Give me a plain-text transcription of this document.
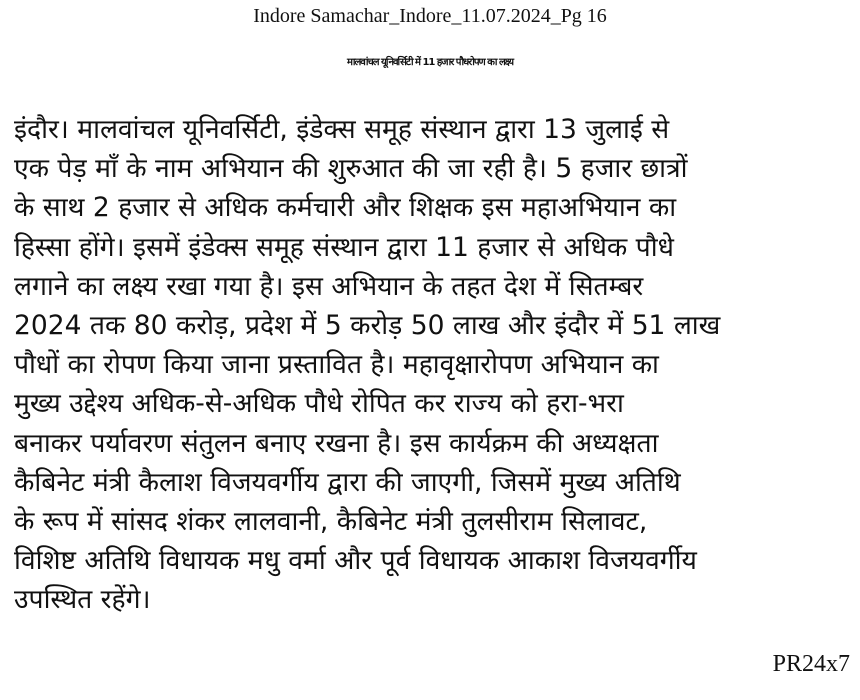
Indore Samachar_Indore_11.07.2024_Pg 16
मालवांचल यूनिवर्सिटी में 11 हजार पौधरोपण का लक्ष्य
इंदौर। मालवांचल यूनिवर्सिटी, इंडेक्स समूह संस्थान द्वारा 13 जुलाई से
एक पेड़ माँ के नाम अभियान की शुरुआत की जा रही है। 5 हजार छात्रों
के साथ 2 हजार से अधिक कर्मचारी और शिक्षक इस महाअभियान का
हिस्सा होंगे। इसमें इंडेक्स समूह संस्थान द्वारा 11 हजार से अधिक पौधे
लगाने का लक्ष्य रखा गया है। इस अभियान के तहत देश में सितम्बर
2024 तक 80 करोड़, प्रदेश में 5 करोड़ 50 लाख और इंदौर में 51 लाख
पौधों का रोपण किया जाना प्रस्तावित है। महावृक्षारोपण अभियान का
मुख्य उद्देश्य अधिक-से-अधिक पौधे रोपित कर राज्य को हरा-भरा
बनाकर पर्यावरण संतुलन बनाए रखना है। इस कार्यक्रम की अध्यक्षता
कैबिनेट मंत्री कैलाश विजयवर्गीय द्वारा की जाएगी, जिसमें मुख्य अतिथि
के रूप में सांसद शंकर लालवानी, कैबिनेट मंत्री तुलसीराम सिलावट,
विशिष्ट अतिथि विधायक मधु वर्मा और पूर्व विधायक आकाश विजयवर्गीय
उपस्थित रहेंगे।
PR24x7
